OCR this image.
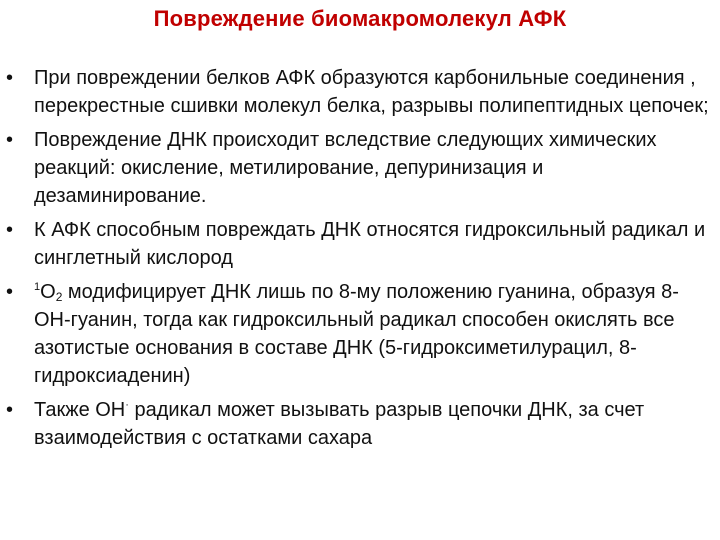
Повреждение биомакромолекул АФК
• При повреждении белков АФК образуются карбонильные соединения , перекрестные сшивки молекул белка, разрывы полипептидных цепочек;
• Повреждение ДНК происходит вследствие следующих химических реакций: окисление, метилирование, депуринизация и дезаминирование.
• К АФК способным повреждать ДНК относятся гидроксильный радикал и синглетный кислород
• $^1O_2$ модифицирует ДНК лишь по 8-му положению гуанина, образуя 8-OH-гуанин, тогда как гидроксильный радикал способен окислять все азотистые основания в составе ДНК (5-гидроксиметилурацил, 8-гидроксиаденин)
• Также OH· радикал может вызывать разрыв цепочки ДНК, за счет взаимодействия с остатками сахара
